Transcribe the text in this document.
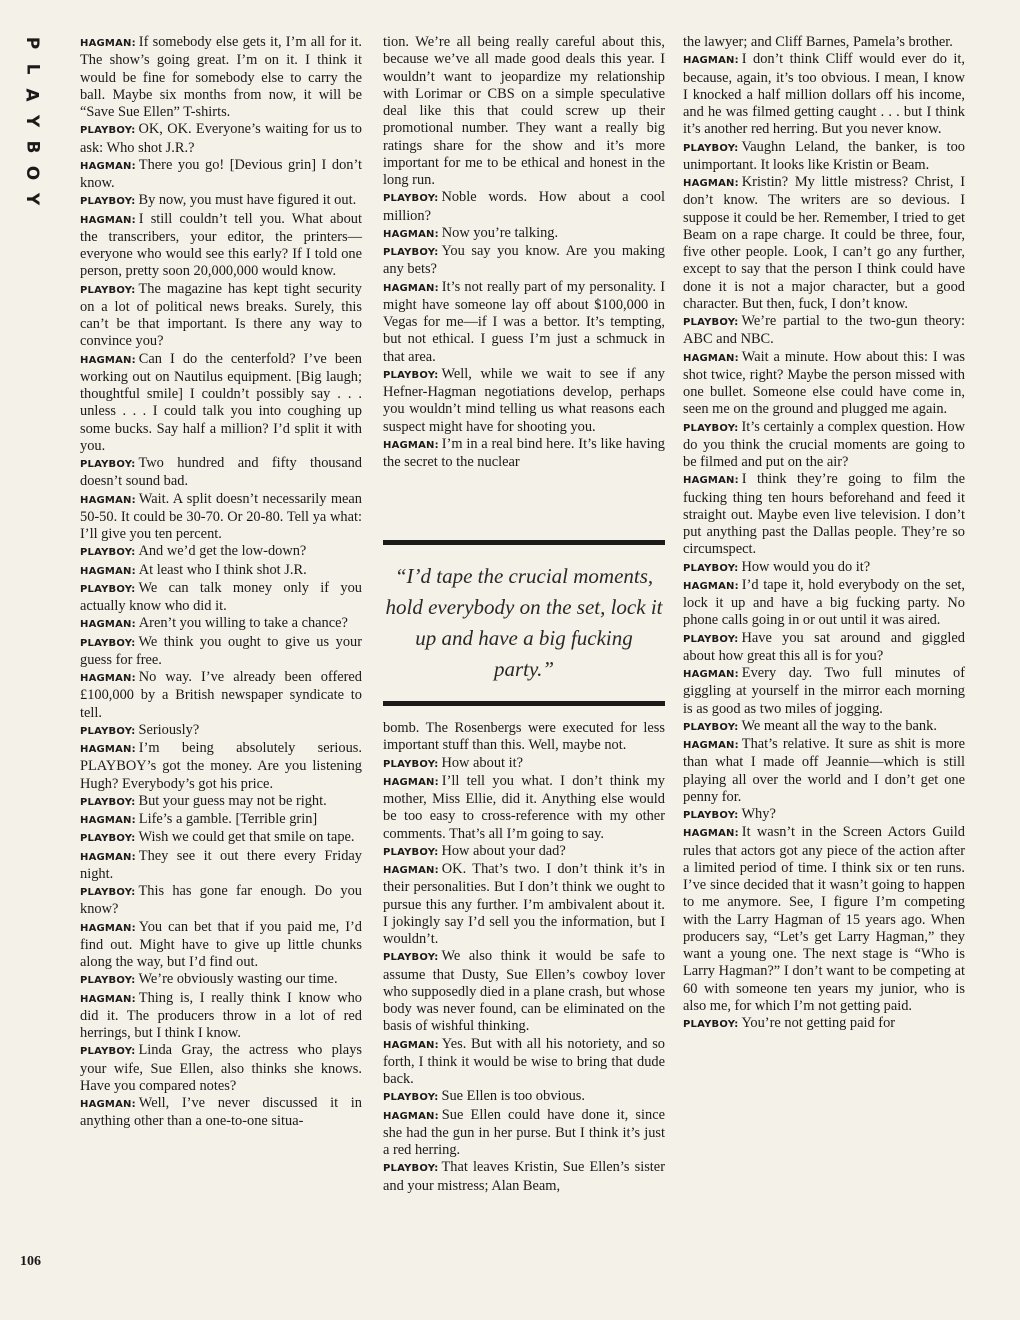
P
L
A
Y
B
O
Y
106

HAGMAN: If somebody else gets it, I’m all for it. The show’s going great. I’m on it. I think it would be fine for somebody else to carry the ball. Maybe six months from now, it will be “Save Sue Ellen” T-shirts.

PLAYBOY: OK, OK. Everyone’s waiting for us to ask: Who shot J.R.?

HAGMAN: There you go! [Devious grin] I don’t know.

PLAYBOY: By now, you must have figured it out.

HAGMAN: I still couldn’t tell you. What about the transcribers, your editor, the printers—everyone who would see this early? If I told one person, pretty soon 20,000,000 would know.

PLAYBOY: The magazine has kept tight security on a lot of political news breaks. Surely, this can’t be that important. Is there any way to convince you?

HAGMAN: Can I do the centerfold? I’ve been working out on Nautilus equipment. [Big laugh; thoughtful smile] I couldn’t possibly say . . . unless . . . I could talk you into coughing up some bucks. Say half a million? I’d split it with you.

PLAYBOY: Two hundred and fifty thousand doesn’t sound bad.

HAGMAN: Wait. A split doesn’t necessarily mean 50-50. It could be 30-70. Or 20-80. Tell ya what: I’ll give you ten percent.

PLAYBOY: And we’d get the low-down?

HAGMAN: At least who I think shot J.R.

PLAYBOY: We can talk money only if you actually know who did it.

HAGMAN: Aren’t you willing to take a chance?

PLAYBOY: We think you ought to give us your guess for free.

HAGMAN: No way. I’ve already been offered £100,000 by a British newspaper syndicate to tell.

PLAYBOY: Seriously?

HAGMAN: I’m being absolutely serious. PLAYBOY’s got the money. Are you listening Hugh? Everybody’s got his price.

PLAYBOY: But your guess may not be right.

HAGMAN: Life’s a gamble. [Terrible grin]

PLAYBOY: Wish we could get that smile on tape.

HAGMAN: They see it out there every Friday night.

PLAYBOY: This has gone far enough. Do you know?

HAGMAN: You can bet that if you paid me, I’d find out. Might have to give up little chunks along the way, but I’d find out.

PLAYBOY: We’re obviously wasting our time.

HAGMAN: Thing is, I really think I know who did it. The producers throw in a lot of red herrings, but I think I know.

PLAYBOY: Linda Gray, the actress who plays your wife, Sue Ellen, also thinks she knows. Have you compared notes?

HAGMAN: Well, I’ve never discussed it in anything other than a one-to-one situa-

tion. We’re all being really careful about this, because we’ve all made good deals this year. I wouldn’t want to jeopardize my relationship with Lorimar or CBS on a simple speculative deal like this that could screw up their promotional number. They want a really big ratings share for the show and it’s more important for me to be ethical and honest in the long run.

PLAYBOY: Noble words. How about a cool million?

HAGMAN: Now you’re talking.

PLAYBOY: You say you know. Are you making any bets?

HAGMAN: It’s not really part of my personality. I might have someone lay off about $100,000 in Vegas for me—if I was a bettor. It’s tempting, but not ethical. I guess I’m just a schmuck in that area.

PLAYBOY: Well, while we wait to see if any Hefner-Hagman negotiations develop, perhaps you wouldn’t mind telling us what reasons each suspect might have for shooting you.

HAGMAN: I’m in a real bind here. It’s like having the secret to the nuclear

“I’d tape the crucial moments, hold everybody on the set, lock it up and have a big fucking party.”

bomb. The Rosenbergs were executed for less important stuff than this. Well, maybe not.

PLAYBOY: How about it?

HAGMAN: I’ll tell you what. I don’t think my mother, Miss Ellie, did it. Anything else would be too easy to cross-reference with my other comments. That’s all I’m going to say.

PLAYBOY: How about your dad?

HAGMAN: OK. That’s two. I don’t think it’s in their personalities. But I don’t think we ought to pursue this any further. I’m ambivalent about it. I jokingly say I’d sell you the information, but I wouldn’t.

PLAYBOY: We also think it would be safe to assume that Dusty, Sue Ellen’s cowboy lover who supposedly died in a plane crash, but whose body was never found, can be eliminated on the basis of wishful thinking.

HAGMAN: Yes. But with all his notoriety, and so forth, I think it would be wise to bring that dude back.

PLAYBOY: Sue Ellen is too obvious.

HAGMAN: Sue Ellen could have done it, since she had the gun in her purse. But I think it’s just a red herring.

PLAYBOY: That leaves Kristin, Sue Ellen’s sister and your mistress; Alan Beam,

the lawyer; and Cliff Barnes, Pamela’s brother.

HAGMAN: I don’t think Cliff would ever do it, because, again, it’s too obvious. I mean, I know I knocked a half million dollars off his income, and he was filmed getting caught . . . but I think it’s another red herring. But you never know.

PLAYBOY: Vaughn Leland, the banker, is too unimportant. It looks like Kristin or Beam.

HAGMAN: Kristin? My little mistress? Christ, I don’t know. The writers are so devious. I suppose it could be her. Remember, I tried to get Beam on a rape charge. It could be three, four, five other people. Look, I can’t go any further, except to say that the person I think could have done it is not a major character, but a good character. But then, fuck, I don’t know.

PLAYBOY: We’re partial to the two-gun theory: ABC and NBC.

HAGMAN: Wait a minute. How about this: I was shot twice, right? Maybe the person missed with one bullet. Someone else could have come in, seen me on the ground and plugged me again.

PLAYBOY: It’s certainly a complex question. How do you think the crucial moments are going to be filmed and put on the air?

HAGMAN: I think they’re going to film the fucking thing ten hours beforehand and feed it straight out. Maybe even live television. I don’t put anything past the Dallas people. They’re so circumspect.

PLAYBOY: How would you do it?

HAGMAN: I’d tape it, hold everybody on the set, lock it up and have a big fucking party. No phone calls going in or out until it was aired.

PLAYBOY: Have you sat around and giggled about how great this all is for you?

HAGMAN: Every day. Two full minutes of giggling at yourself in the mirror each morning is as good as two miles of jogging.

PLAYBOY: We meant all the way to the bank.

HAGMAN: That’s relative. It sure as shit is more than what I made off Jeannie—which is still playing all over the world and I don’t get one penny for.

PLAYBOY: Why?

HAGMAN: It wasn’t in the Screen Actors Guild rules that actors got any piece of the action after a limited period of time. I think six or ten runs. I’ve since decided that it wasn’t going to happen to me anymore. See, I figure I’m competing with the Larry Hagman of 15 years ago. When producers say, “Let’s get Larry Hagman,” they want a young one. The next stage is “Who is Larry Hagman?” I don’t want to be competing at 60 with someone ten years my junior, who is also me, for which I’m not getting paid.

PLAYBOY: You’re not getting paid for
